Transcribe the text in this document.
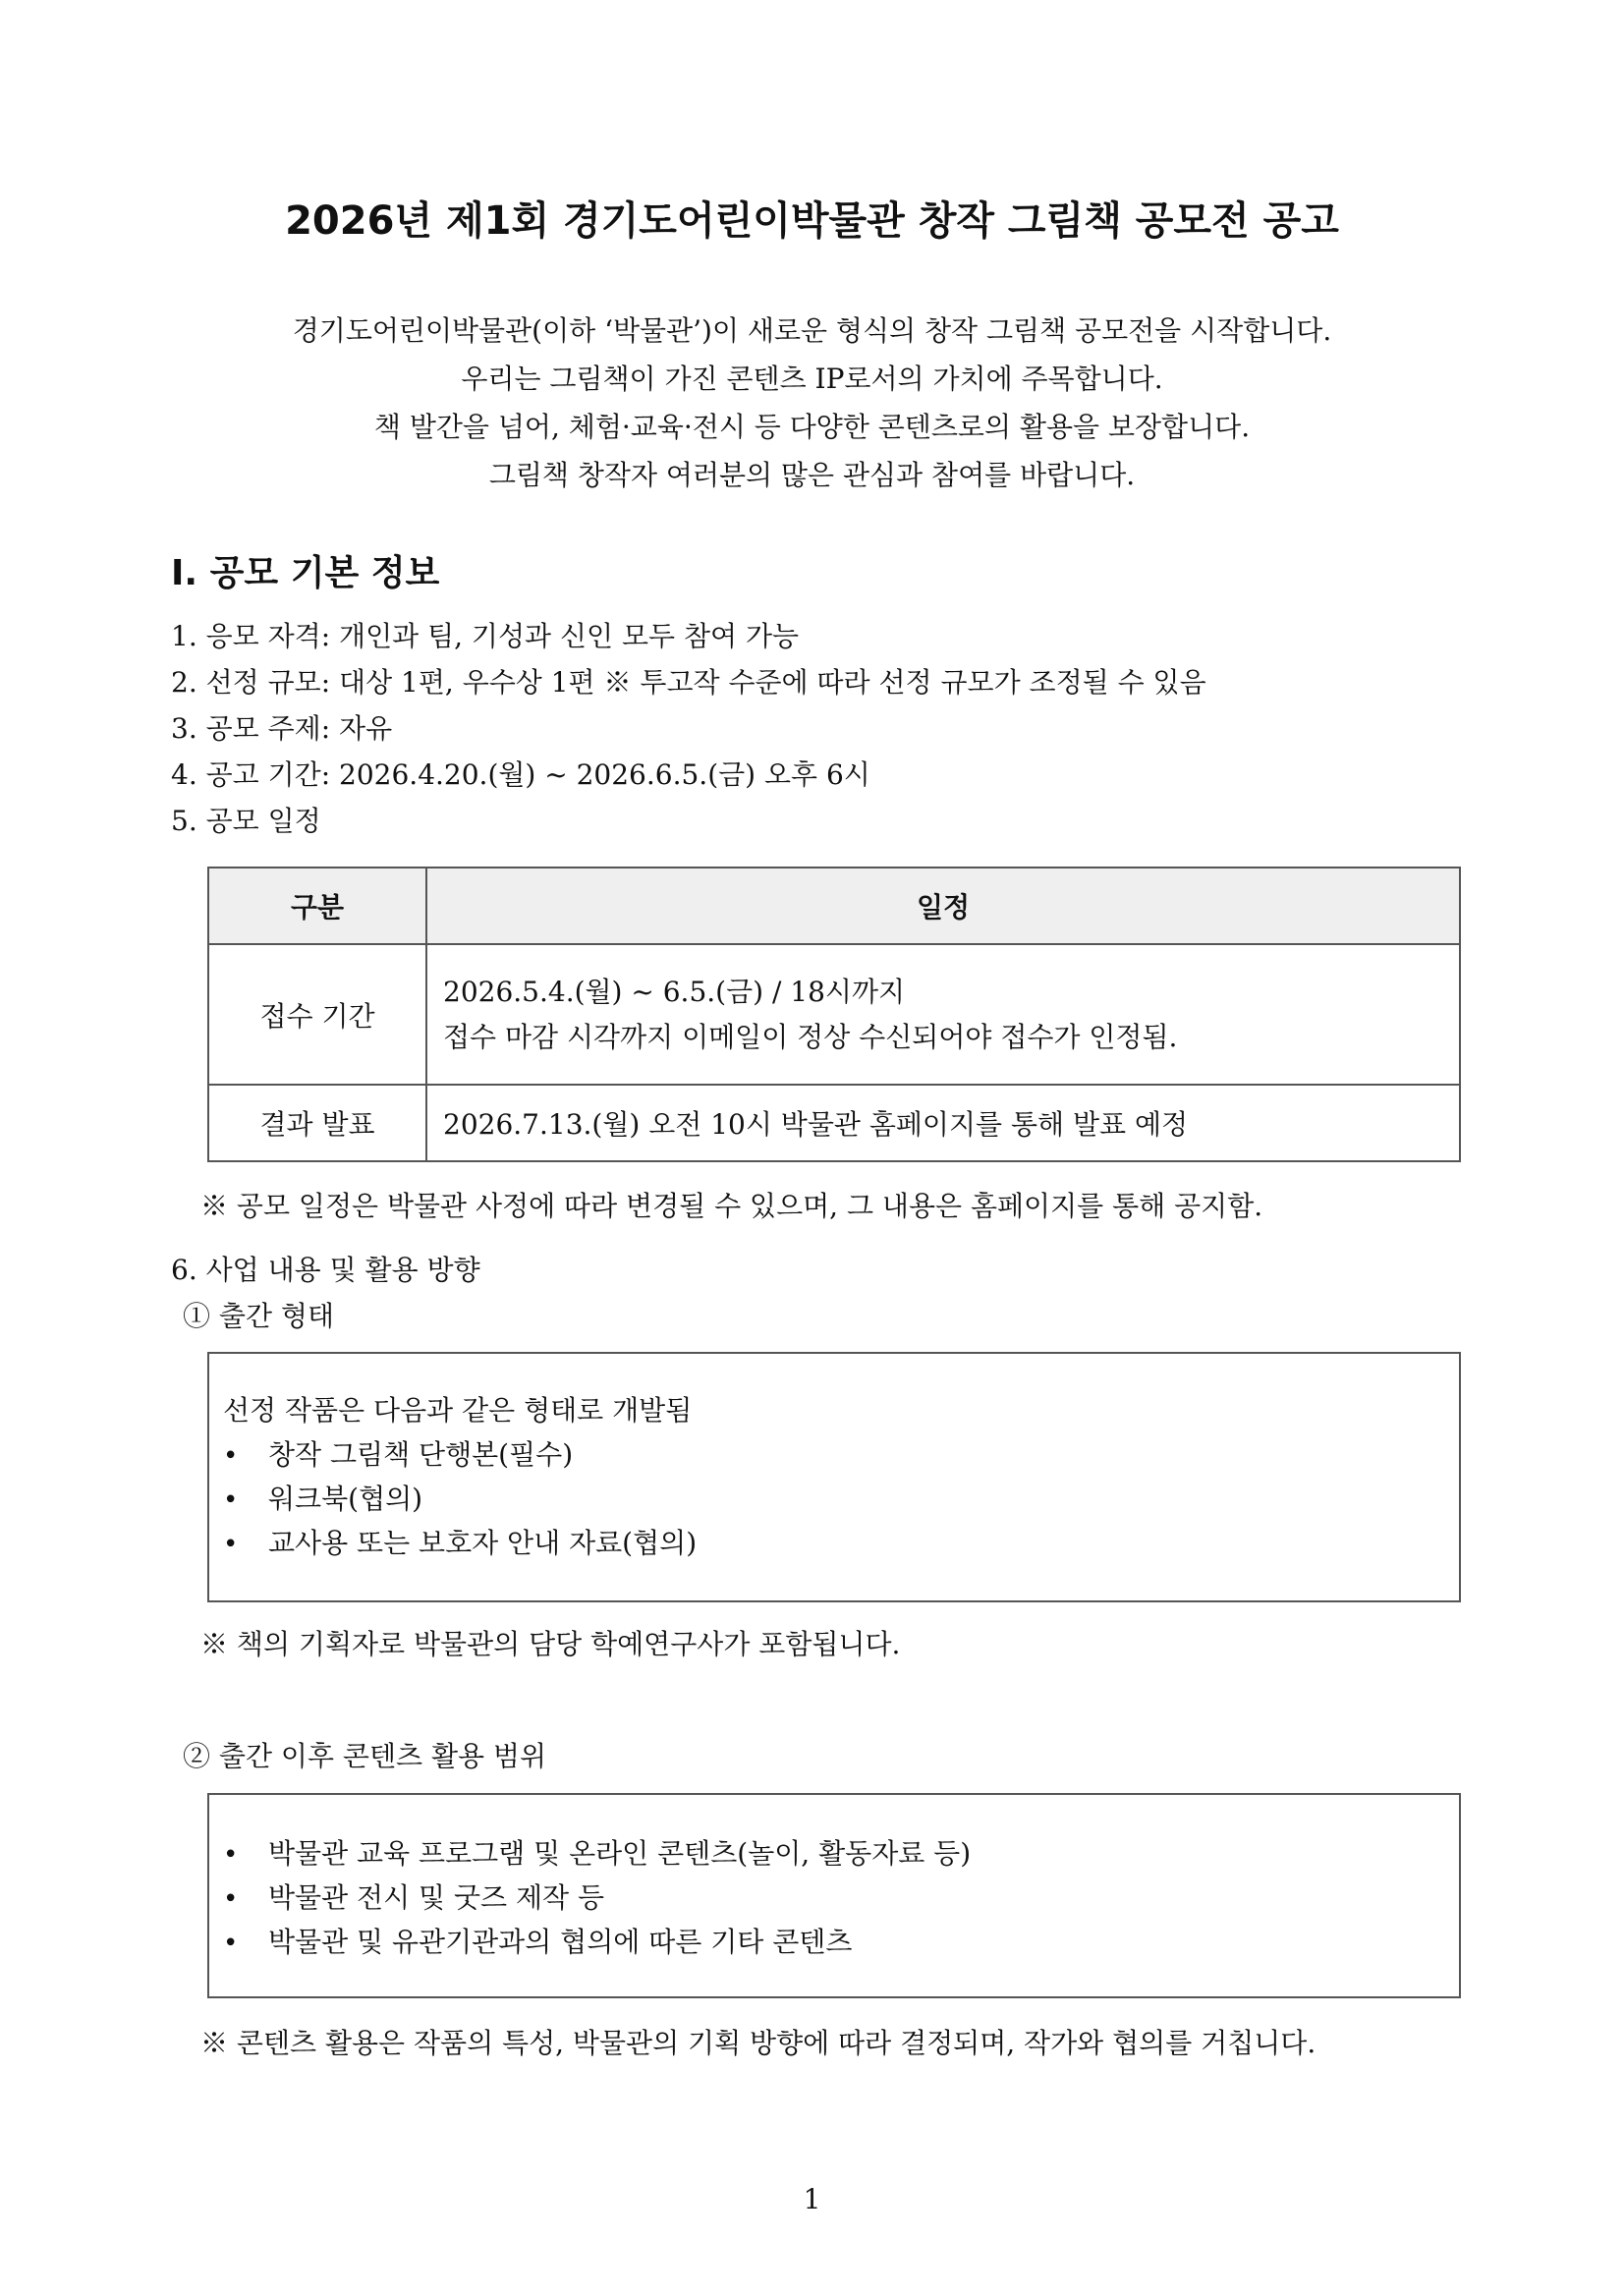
2026년 제1회 경기도어린이박물관 창작 그림책 공모전 공고
경기도어린이박물관(이하 ‘박물관’)이 새로운 형식의 창작 그림책 공모전을 시작합니다.
우리는 그림책이 가진 콘텐츠 IP로서의 가치에 주목합니다.
책 발간을 넘어, 체험·교육·전시 등 다양한 콘텐츠로의 활용을 보장합니다.
그림책 창작자 여러분의 많은 관심과 참여를 바랍니다.
Ⅰ. 공모 기본 정보
1. 응모 자격: 개인과 팀, 기성과 신인 모두 참여 가능
2. 선정 규모: 대상 1편, 우수상 1편 ※ 투고작 수준에 따라 선정 규모가 조정될 수 있음
3. 공모 주제: 자유
4. 공고 기간: 2026.4.20.(월) ~ 2026.6.5.(금) 오후 6시
5. 공모 일정
구분	일정
접수 기간	2026.5.4.(월) ~ 6.5.(금) / 18시까지
접수 마감 시각까지 이메일이 정상 수신되어야 접수가 인정됨.

결과 발표	2026.7.13.(월) 오전 10시 박물관 홈페이지를 통해 발표 예정
※ 공모 일정은 박물관 사정에 따라 변경될 수 있으며, 그 내용은 홈페이지를 통해 공지함.
6. 사업 내용 및 활용 방향
① 출간 형태
선정 작품은 다음과 같은 형태로 개발됨
• 창작 그림책 단행본(필수)
• 워크북(협의)
• 교사용 또는 보호자 안내 자료(협의)
※ 책의 기획자로 박물관의 담당 학예연구사가 포함됩니다.
② 출간 이후 콘텐츠 활용 범위
• 박물관 교육 프로그램 및 온라인 콘텐츠(놀이, 활동자료 등)
• 박물관 전시 및 굿즈 제작 등
• 박물관 및 유관기관과의 협의에 따른 기타 콘텐츠
※ 콘텐츠 활용은 작품의 특성, 박물관의 기획 방향에 따라 결정되며, 작가와 협의를 거칩니다.
1
